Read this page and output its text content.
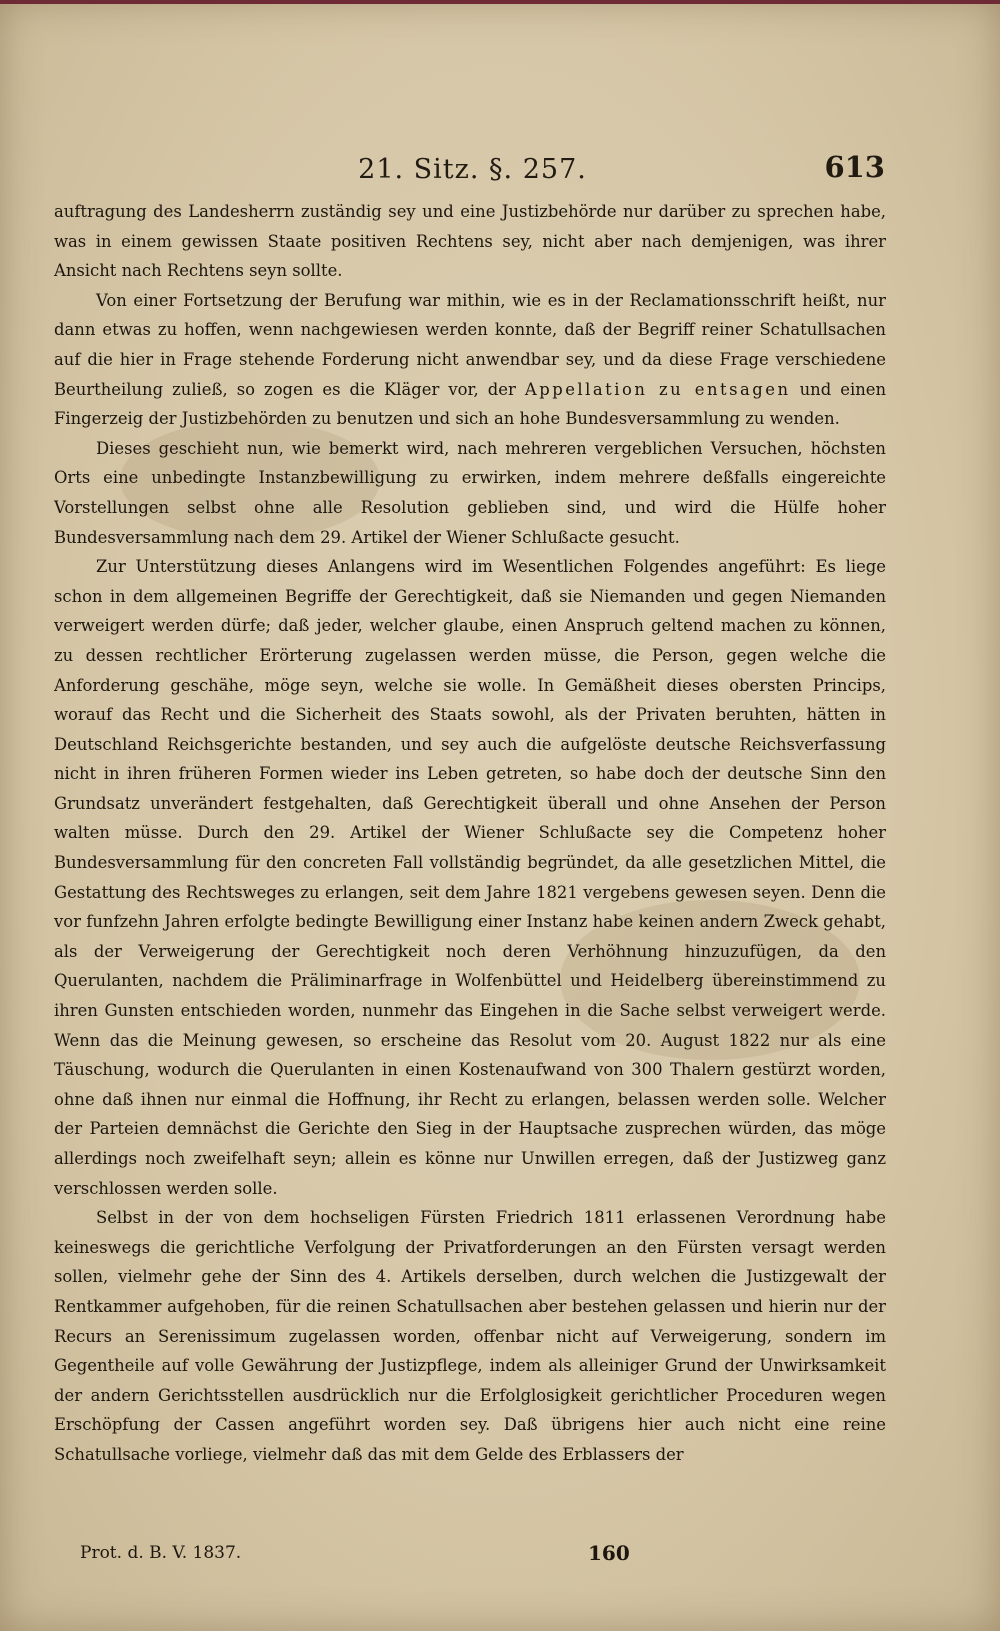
21. Sitz. §. 257.	613

auftragung des Landesherrn zuständig sey und eine Justizbehörde nur darüber zu sprechen habe, was in einem gewissen Staate positiven Rechtens sey, nicht aber nach demjenigen, was ihrer Ansicht nach Rechtens seyn sollte.

Von einer Fortsetzung der Berufung war mithin, wie es in der Reclamationsschrift heißt, nur dann etwas zu hoffen, wenn nachgewiesen werden konnte, daß der Begriff reiner Schatullsachen auf die hier in Frage stehende Forderung nicht anwendbar sey, und da diese Frage verschiedene Beurtheilung zuließ, so zogen es die Kläger vor, der Appellation zu entsagen und einen Fingerzeig der Justizbehörden zu benutzen und sich an hohe Bundesversammlung zu wenden.

Dieses geschieht nun, wie bemerkt wird, nach mehreren vergeblichen Versuchen, höchsten Orts eine unbedingte Instanzbewilligung zu erwirken, indem mehrere deßfalls eingereichte Vorstellungen selbst ohne alle Resolution geblieben sind, und wird die Hülfe hoher Bundesversammlung nach dem 29. Artikel der Wiener Schlußacte gesucht.

Zur Unterstützung dieses Anlangens wird im Wesentlichen Folgendes angeführt: Es liege schon in dem allgemeinen Begriffe der Gerechtigkeit, daß sie Niemanden und gegen Niemanden verweigert werden dürfe; daß jeder, welcher glaube, einen Anspruch geltend machen zu können, zu dessen rechtlicher Erörterung zugelassen werden müsse, die Person, gegen welche die Anforderung geschähe, möge seyn, welche sie wolle. In Gemäßheit dieses obersten Princips, worauf das Recht und die Sicherheit des Staats sowohl, als der Privaten beruhten, hätten in Deutschland Reichsgerichte bestanden, und sey auch die aufgelöste deutsche Reichsverfassung nicht in ihren früheren Formen wieder ins Leben getreten, so habe doch der deutsche Sinn den Grundsatz unverändert festgehalten, daß Gerechtigkeit überall und ohne Ansehen der Person walten müsse. Durch den 29. Artikel der Wiener Schlußacte sey die Competenz hoher Bundesversammlung für den concreten Fall vollständig begründet, da alle gesetzlichen Mittel, die Gestattung des Rechtsweges zu erlangen, seit dem Jahre 1821 vergebens gewesen seyen. Denn die vor funfzehn Jahren erfolgte bedingte Bewilligung einer Instanz habe keinen andern Zweck gehabt, als der Verweigerung der Gerechtigkeit noch deren Verhöhnung hinzuzufügen, da den Querulanten, nachdem die Präliminarfrage in Wolfenbüttel und Heidelberg übereinstimmend zu ihren Gunsten entschieden worden, nunmehr das Eingehen in die Sache selbst verweigert werde. Wenn das die Meinung gewesen, so erscheine das Resolut vom 20. August 1822 nur als eine Täuschung, wodurch die Querulanten in einen Kostenaufwand von 300 Thalern gestürzt worden, ohne daß ihnen nur einmal die Hoffnung, ihr Recht zu erlangen, belassen werden solle. Welcher der Parteien demnächst die Gerichte den Sieg in der Hauptsache zusprechen würden, das möge allerdings noch zweifelhaft seyn; allein es könne nur Unwillen erregen, daß der Justizweg ganz verschlossen werden solle.

Selbst in der von dem hochseligen Fürsten Friedrich 1811 erlassenen Verordnung habe keineswegs die gerichtliche Verfolgung der Privatforderungen an den Fürsten versagt werden sollen, vielmehr gehe der Sinn des 4. Artikels derselben, durch welchen die Justizgewalt der Rentkammer aufgehoben, für die reinen Schatullsachen aber bestehen gelassen und hierin nur der Recurs an Serenissimum zugelassen worden, offenbar nicht auf Verweigerung, sondern im Gegentheile auf volle Gewährung der Justizpflege, indem als alleiniger Grund der Unwirksamkeit der andern Gerichtsstellen ausdrücklich nur die Erfolglosigkeit gerichtlicher Proceduren wegen Erschöpfung der Cassen angeführt worden sey. Daß übrigens hier auch nicht eine reine Schatullsache vorliege, vielmehr daß das mit dem Gelde des Erblassers der

Prot. d. B. V. 1837.	160
